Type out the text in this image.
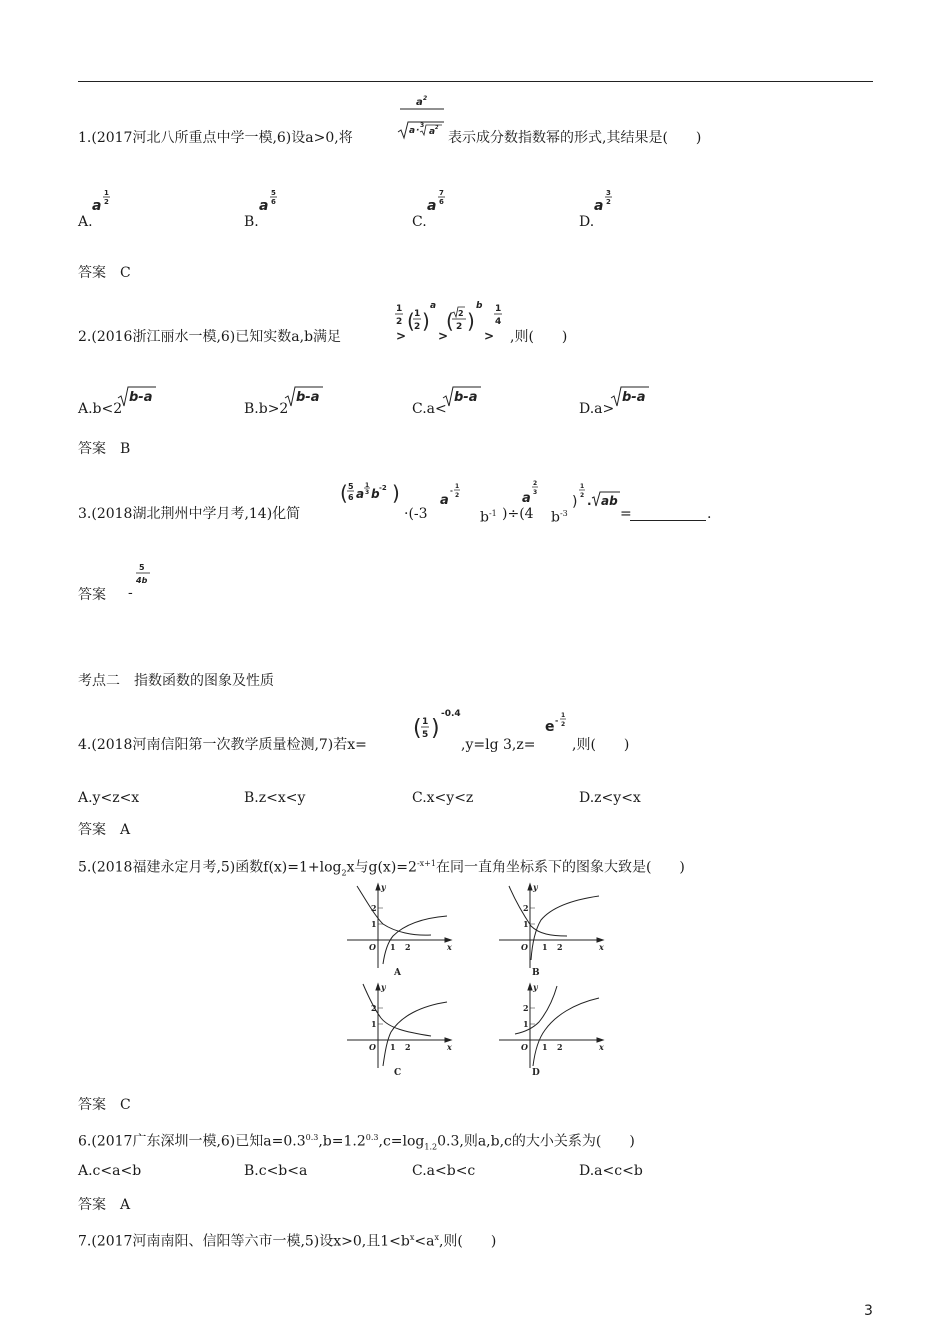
1.(2017河北八所重点中学一模,6)设a>0,将
a 2
a ·
3
a 2
表示成分数指数幂的形式,其结果是(　　)
A.
a
1
2
B.
a
5
6
C.
a
7
6
D.
a
3
2
答案　C
2.(2016浙江丽水一模,6)已知实数a,b满足
1
2
>
( 1
2 )
a
>
( 2
2 )
b
>
1
4
,则(　　)
A.b<2
b-a
B.b>2
b-a
C.a<
b-a
D.a>
b-a
答案　B
3.(2018湖北荆州中学月考,14)化简
( 5
6 a
1
3 b -2 )
·(-3
a
-
1
2
$b^{-1}$ )÷(4
a
2
3
$b^{-3}$
)
1
2
· ab
=	.
答案 -
5
4b
考点二　指数函数的图象及性质
4.(2018河南信阳第一次教学质量检测,7)若x=
( 1
5 )
-0.4
,y=lg 3,z=
e -
1
2
,则(　　)
A.y<z<x	B.z<x<y	C.x<y<z	D.z<y<x
答案　A
5.(2018福建永定月考,5)函数$f(x)=1+\log_2x$与$g(x)=2^{-x+1}$在同一直角坐标系下的图象大致是(　　)
y
x
O
2
1
1 2
A
y
x
O
2
1
1 2
B
y
x
O
2
1
1 2
C
y
x
O
2
1
1 2
D
答案　C
6.(2017广东深圳一模,6)已知$a=0.3^{0.3},b=1.2^{0.3},c=\log_{1.2}0.3$,则a,b,c的大小关系为(　　)
A.c<a<b	B.c<b<a	C.a<b<c	D.a<c<b
答案　A
7.(2017河南南阳、信阳等六市一模,5)设x>0,且$1<b^x<a^x$,则(　　)
3
